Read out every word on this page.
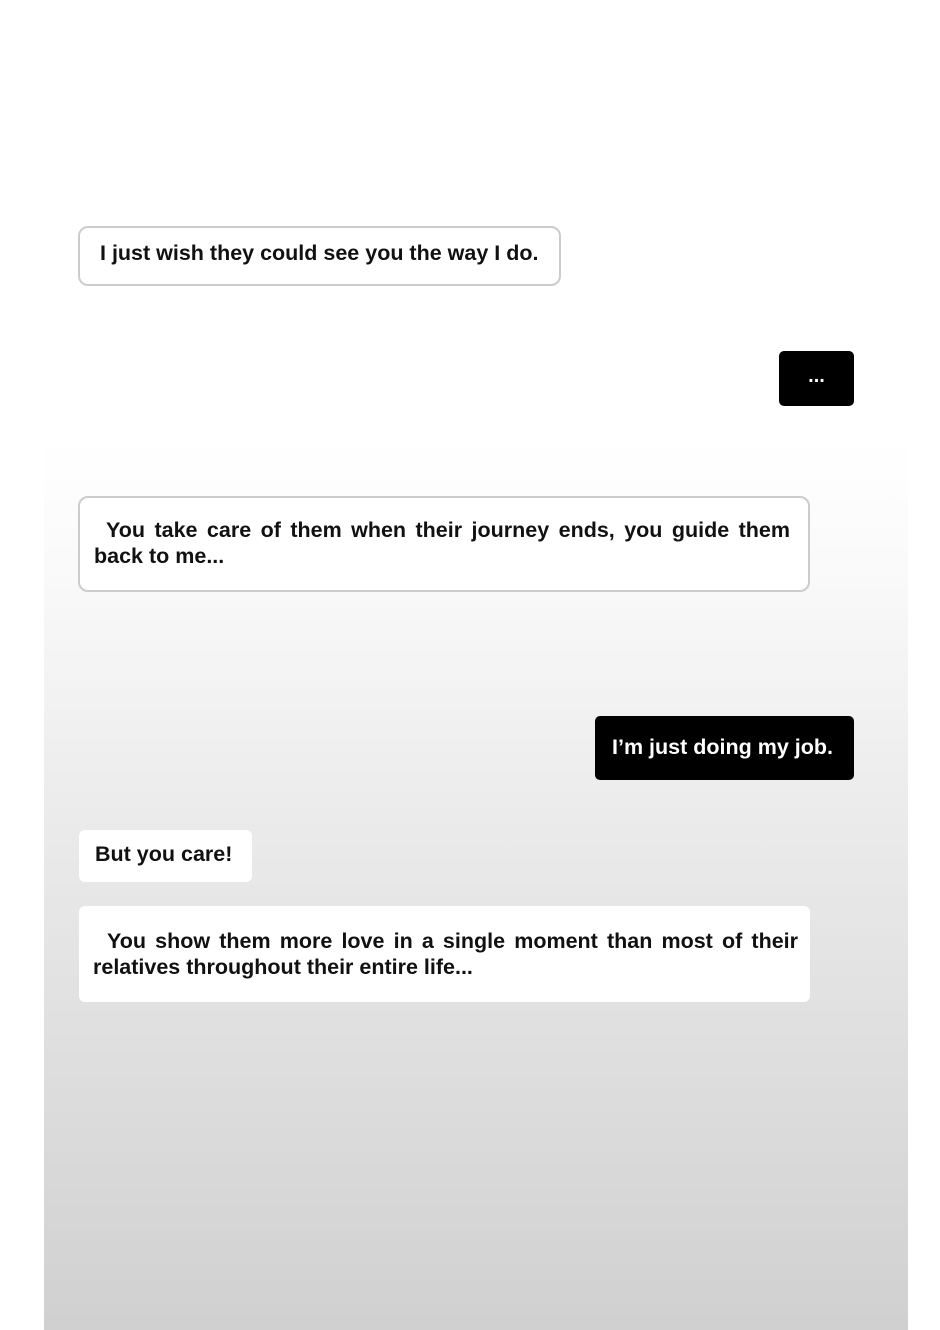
I just wish they could see you the way I do.
...
You take care of them when their journey ends, you guide them back to me...
I’m just doing my job.
But you care!
You show them more love in a single moment than most of their relatives throughout their entire life...
